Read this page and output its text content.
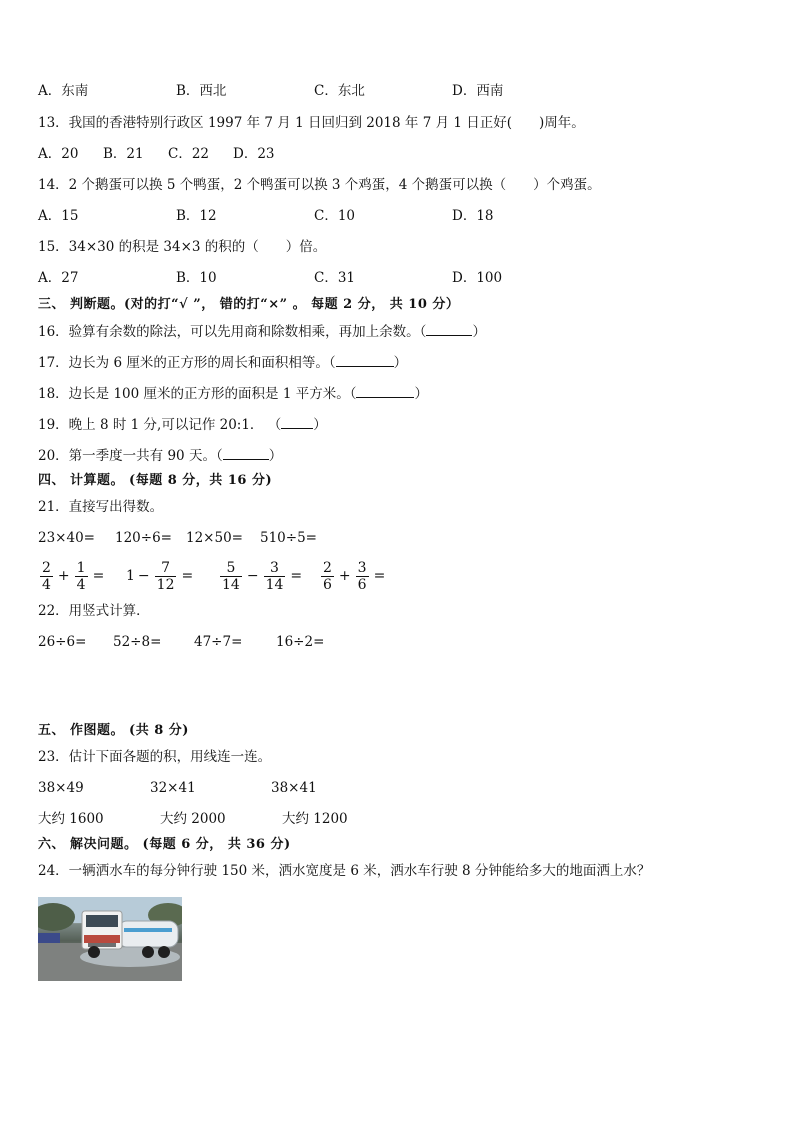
A．东南	B．西北	C．东北	D．西南
13．我国的香港特别行政区 1997 年 7 月 1 日回归到 2018 年 7 月 1 日正好(　　)周年。
A．20 B．21 C．22 D．23
14．2 个鹅蛋可以换 5 个鸭蛋，2 个鸭蛋可以换 3 个鸡蛋，4 个鹅蛋可以换（　　）个鸡蛋。
A．15	B．12	C．10	D．18
15．34×30 的积是 34×3 的积的（　　）倍。
A．27	B．10	C．31	D．100
三、 判断题。(对的打“√ ”， 错的打“×” 。 每题 2 分， 共 10 分）
16．验算有余数的除法，可以先用商和除数相乘，再加上余数。（	）
17．边长为 6 厘米的正方形的周长和面积相等。（	）
18．边长是 100 厘米的正方形的面积是 1 平方米。（	）
19．晚上 8 时 1 分,可以记作 20:1． （ ）
20．第一季度一共有 90 天。（	）
四、 计算题。 (每题 8 分，共 16 分)
21．直接写出得数。
23×40= 120÷6= 12×50= 510÷5=
$\frac{2}{4} + \frac{1}{4} = 1 - \frac{7}{12} = \frac{5}{14} - \frac{3}{14} = \frac{2}{6} + \frac{3}{6}$ =
22．用竖式计算．
26÷6= 52÷8= 47÷7= 16÷2=
五、 作图题。 (共 8 分)
23．估计下面各题的积，用线连一连。
38×49	32×41	38×41
大约 1600	大约 2000	大约 1200
六、 解决问题。 (每题 6 分， 共 36 分)
24．一辆洒水车的每分钟行驶 150 米，洒水宽度是 6 米，洒水车行驶 8 分钟能给多大的地面洒上水？
